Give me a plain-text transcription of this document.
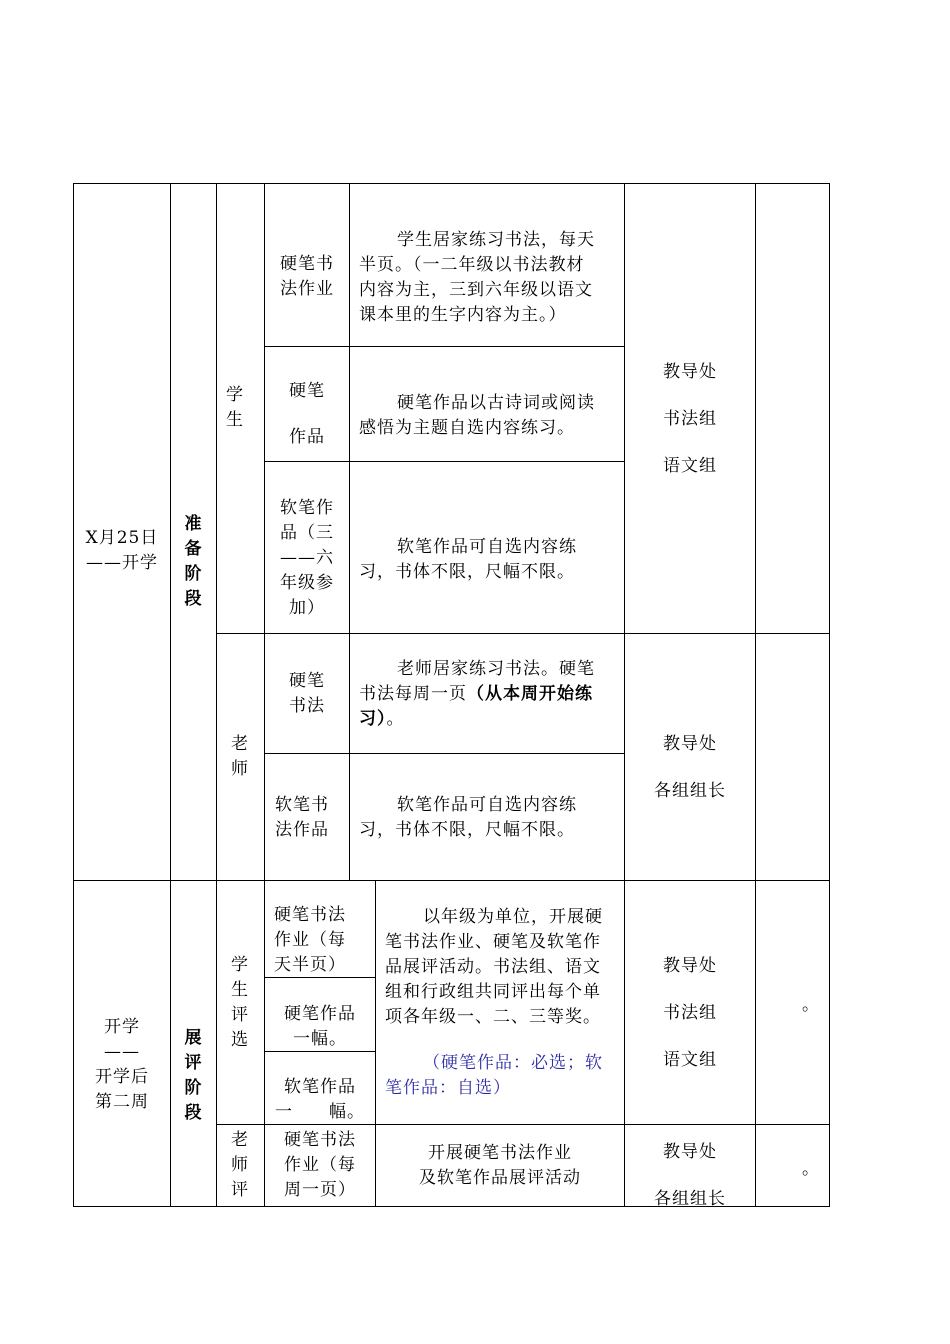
X月25日
——开学
准
备
阶
段
学
生
老
师
硬笔书
法作业
硬笔
作品
软笔作
品（三
——六
年级参
加）
硬笔
书法
软笔书
法作品
学生居家练习书法，每天
半页。（一二年级以书法教材
内容为主，三到六年级以语文
课本里的生字内容为主。）
硬笔作品以古诗词或阅读
感悟为主题自选内容练习。
软笔作品可自选内容练
习，书体不限，尺幅不限。
老师居家练习书法。硬笔
书法每周一页（从本周开始练
习）。
软笔作品可自选内容练
习，书体不限，尺幅不限。
教导处
书法组
语文组
教导处
各组组长
开学
——
开学后
第二周
展
评
阶
段
学
生
评
选
老
师
评
硬笔书法
作业（每
天半页）
硬笔作品
一幅。
软笔作品
一　　幅。
硬笔书法
作业（每
周一页）
以年级为单位，开展硬
笔书法作业、硬笔及软笔作
品展评活动。书法组、语文
组和行政组共同评出每个单
项各年级一、二、三等奖。
（硬笔作品：必选；软
笔作品：自选）
开展硬笔书法作业
及软笔作品展评活动
教导处
书法组
语文组
教导处
各组组长
。
。
